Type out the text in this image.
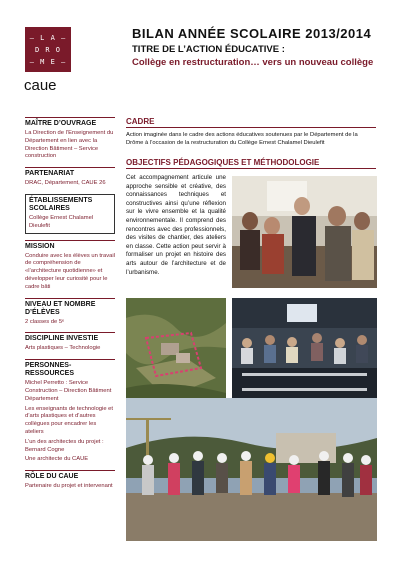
— L A —
D R O
— M E —
caue
BILAN ANNÉE SCOLAIRE 2013/2014
TITRE DE L’ACTION ÉDUCATIVE :
Collège en restructuration… vers un nouveau collège
MAÎTRE D’OUVRAGE
La Direction de l’Enseignement du Département en lien avec la Direction Bâtiment – Service construction
PARTENARIAT
DRAC, Département, CAUE 26
ÉTABLISSEMENTS SCOLAIRES
Collège Ernest Chalamel Dieulefit
MISSION
Conduire avec les élèves un travail de compréhension de «l’architecture quotidienne» et développer leur curiosité pour le cadre bâti
NIVEAU ET NOMBRE D’ÉLÈVES
2 classes de 5ᵉ
DISCIPLINE INVESTIE
Arts plastiques – Technologie
PERSONNES-RESSOURCES
Michel Perretto : Service Construction – Direction Bâtiment Département
Les enseignants de technologie et d’arts plastiques et d’autres collègues pour encadrer les ateliers
L’un des architectes du projet : Bernard Cogne
Une architecte du CAUE
RÔLE DU CAUE
Partenaire du projet et intervenant
CADRE
Action imaginée dans le cadre des actions éducatives soutenues par le Département de la Drôme à l’occasion de la restructuration du Collège Ernest Chalamel Dieulefit
OBJECTIFS PÉDAGOGIQUES ET MÉTHODOLOGIE
Cet accompagnement articule une approche sensible et créative, des connaissances techniques et constructives ainsi qu’une réflexion sur le vivre ensemble et la qualité environnementale. Il comprend des rencontres avec des professionnels, des visites de chantier, des ateliers en classe. Cette action peut servir à formaliser un projet en histoire des arts autour de l’architecture et de l’urbanisme.
